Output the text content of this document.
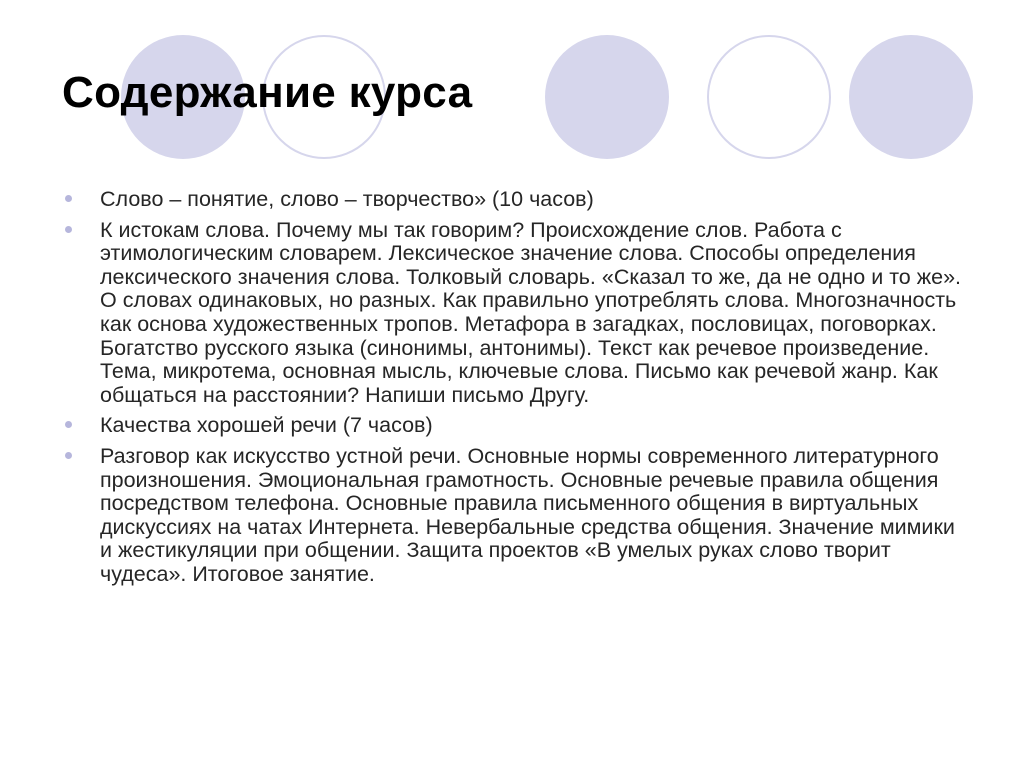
Содержание курса
Слово – понятие, слово – творчество» (10 часов)
К истокам слова. Почему мы так говорим? Происхождение слов. Работа с этимологическим словарем. Лексическое значение слова. Способы определения лексического значения слова. Толковый словарь. «Сказал то же, да не одно и то же». О словах одинаковых, но разных. Как правильно употреблять слова. Многозначность как основа художественных тропов. Метафора в загадках, пословицах, поговорках. Богатство русского языка (синонимы, антонимы). Текст как речевое произведение. Тема, микротема, основная мысль, ключевые слова. Письмо как речевой жанр. Как общаться на расстоянии? Напиши письмо Другу.
Качества хорошей речи (7 часов)
Разговор как искусство устной речи. Основные нормы современного литературного произношения. Эмоциональная грамотность. Основные речевые правила общения посредством телефона. Основные правила письменного общения в виртуальных дискуссиях на чатах Интернета. Невербальные средства общения. Значение мимики и жестикуляции при общении. Защита проектов «В умелых руках слово творит чудеса». Итоговое занятие.
